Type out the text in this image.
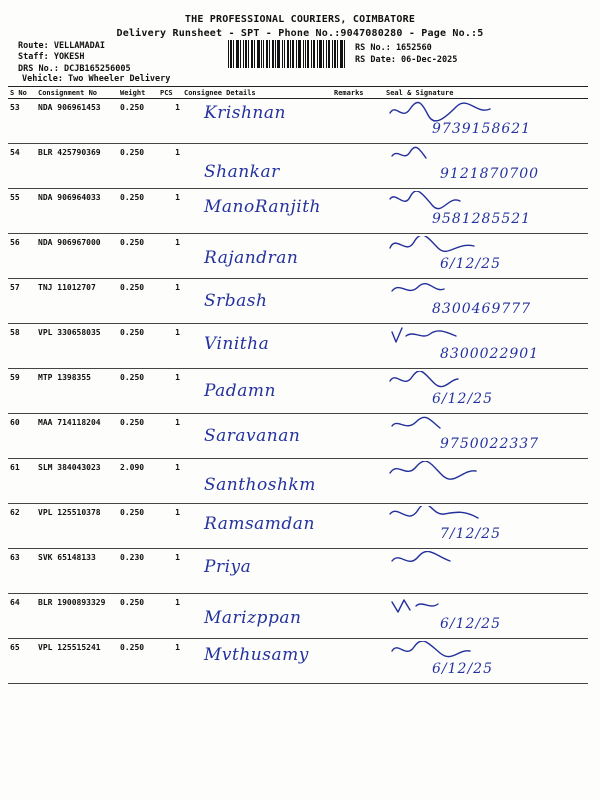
THE PROFESSIONAL COURIERS, COIMBATORE
Delivery Runsheet - SPT - Phone No.:9047080280 - Page No.:5
Route: VELLAMADAI
Staff: YOKESH
DRS No.: DCJB165256005
Vehicle: Two Wheeler Delivery
RS No.: 1652560
RS Date: 06-Dec-2025
S No	Consignment No	Weight	PCS	Consignee Details	Remarks	Seal & Signature
53	NDA 906961453	0.250	1	Krishnan		9739158621

54	BLR 425790369	0.250	1	Shankar		9121870700

55	NDA 906964033	0.250	1	ManoRanjith		9581285521

56	NDA 906967000	0.250	1	Rajandran		6/12/25

57	TNJ 11012707	0.250	1	Srbash		8300469777

58	VPL 330658035	0.250	1	Vinitha		8300022901

59	MTP 1398355	0.250	1	Padamn		6/12/25

60	MAA 714118204	0.250	1	Saravanan		9750022337

61	SLM 384043023	2.090	1	Santhoshkm

62	VPL 125510378	0.250	1	Ramsamdan		7/12/25

63	SVK 65148133	0.230	1	Priya

64	BLR 1900893329	0.250	1	Marizppan		6/12/25

65	VPL 125515241	0.250	1	Mvthusamy		6/12/25
